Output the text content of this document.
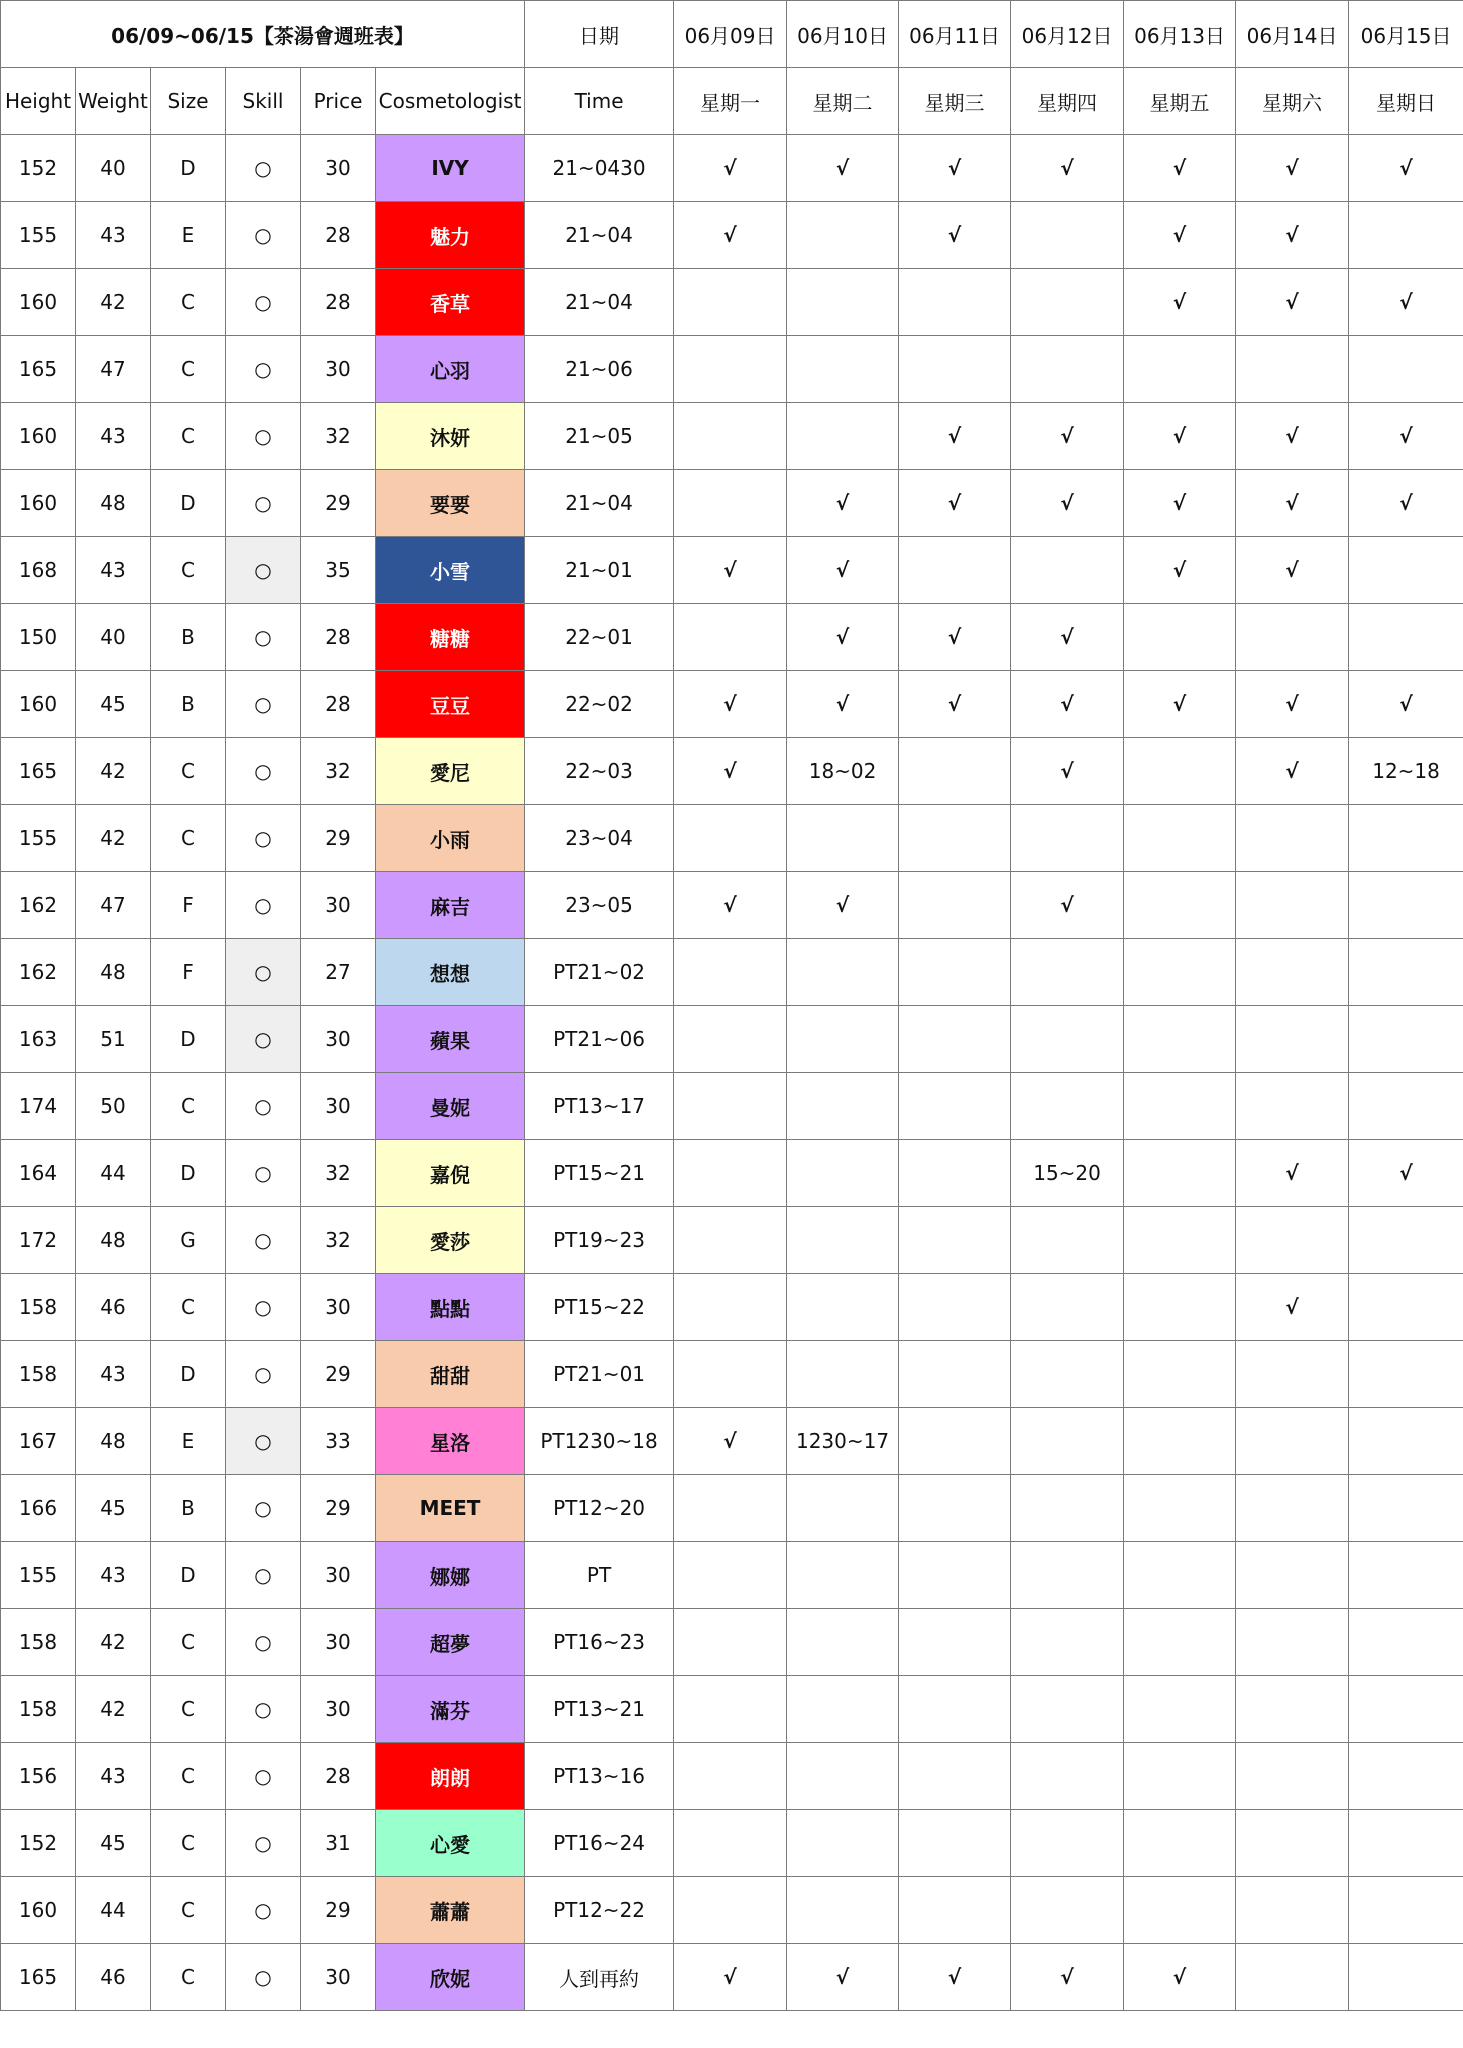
06/09~06/15【茶湯會週班表】						日期	06月09日	06月10日	06月11日	06月12日	06月13日	06月14日	06月15日
Height	Weight	Size	Skill	Price	Cosmetologist	Time	星期一	星期二	星期三	星期四	星期五	星期六	星期日
152	40	D	○	30	IVY	21~0430	√	√	√	√	√	√	√
155	43	E	○	28	魅力	21~04	√		√		√	√	
160	42	C	○	28	香草	21~04					√	√	√
165	47	C	○	30	心羽	21~06							
160	43	C	○	32	沐妍	21~05			√	√	√	√	√
160	48	D	○	29	要要	21~04		√	√	√	√	√	√
168	43	C	○	35	小雪	21~01	√	√			√	√	
150	40	B	○	28	糖糖	22~01		√	√	√			
160	45	B	○	28	豆豆	22~02	√	√	√	√	√	√	√
165	42	C	○	32	愛尼	22~03	√	18~02		√		√	12~18
155	42	C	○	29	小雨	23~04							
162	47	F	○	30	麻吉	23~05	√	√		√			
162	48	F	○	27	想想	PT21~02							
163	51	D	○	30	蘋果	PT21~06							
174	50	C	○	30	曼妮	PT13~17							
164	44	D	○	32	嘉倪	PT15~21				15~20		√	√
172	48	G	○	32	愛莎	PT19~23							
158	46	C	○	30	點點	PT15~22						√	
158	43	D	○	29	甜甜	PT21~01							
167	48	E	○	33	星洛	PT1230~18	√	1230~17					
166	45	B	○	29	MEET	PT12~20							
155	43	D	○	30	娜娜	PT							
158	42	C	○	30	超夢	PT16~23							
158	42	C	○	30	滿芬	PT13~21							
156	43	C	○	28	朗朗	PT13~16							
152	45	C	○	31	心愛	PT16~24							
160	44	C	○	29	蕭蕭	PT12~22							
165	46	C	○	30	欣妮	人到再約	√	√	√	√	√		
